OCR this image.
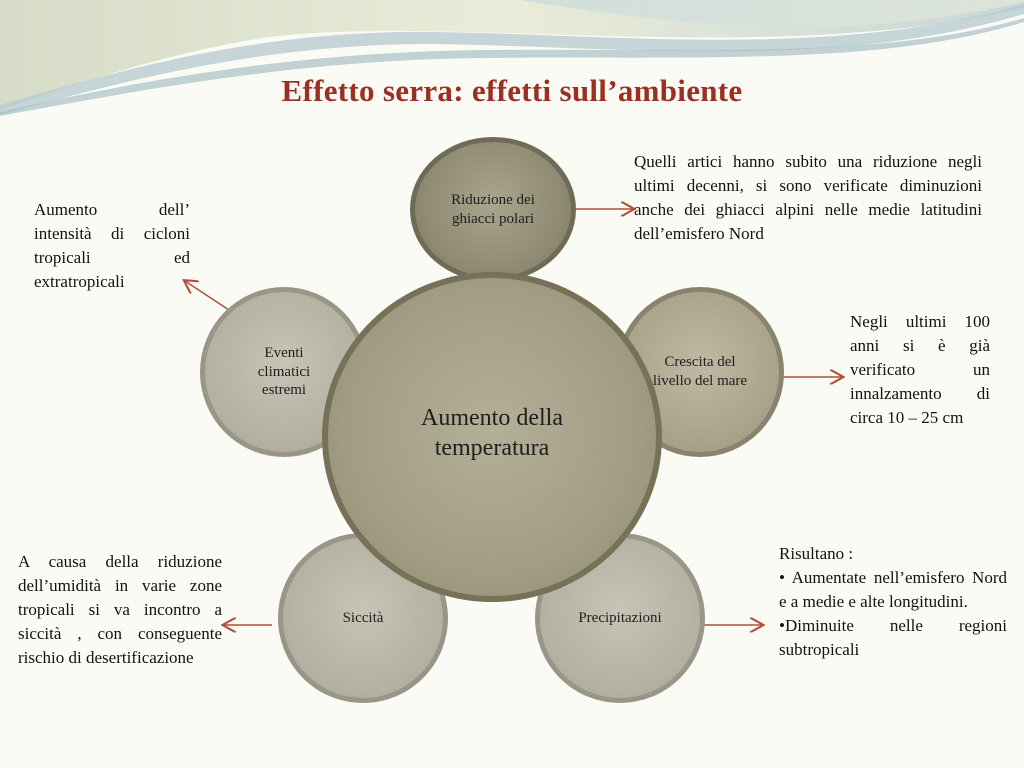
Effetto serra: effetti sull’ambiente
Riduzione dei ghiacci polari
Crescita del livello del mare
Eventi climatici estremi
Siccità	Precipitazioni
Aumento della temperatura

Quelli artici hanno subito una riduzione negli ultimi decenni, si sono verificate diminuzioni anche dei ghiacci alpini nelle medie latitudini dell’emisfero Nord

Negli ultimi 100 anni si è già verificato un innalzamento di circa 10 – 25 cm

Risultano :

• Aumentate nell’emisfero Nord e a medie e alte longitudini.

•Diminuite nelle regioni subtropicali

A causa della riduzione dell’umidità in varie zone tropicali si va incontro a siccità , con conseguente rischio di desertificazione

Aumento dell’ intensità di cicloni tropicali ed extratropicali
